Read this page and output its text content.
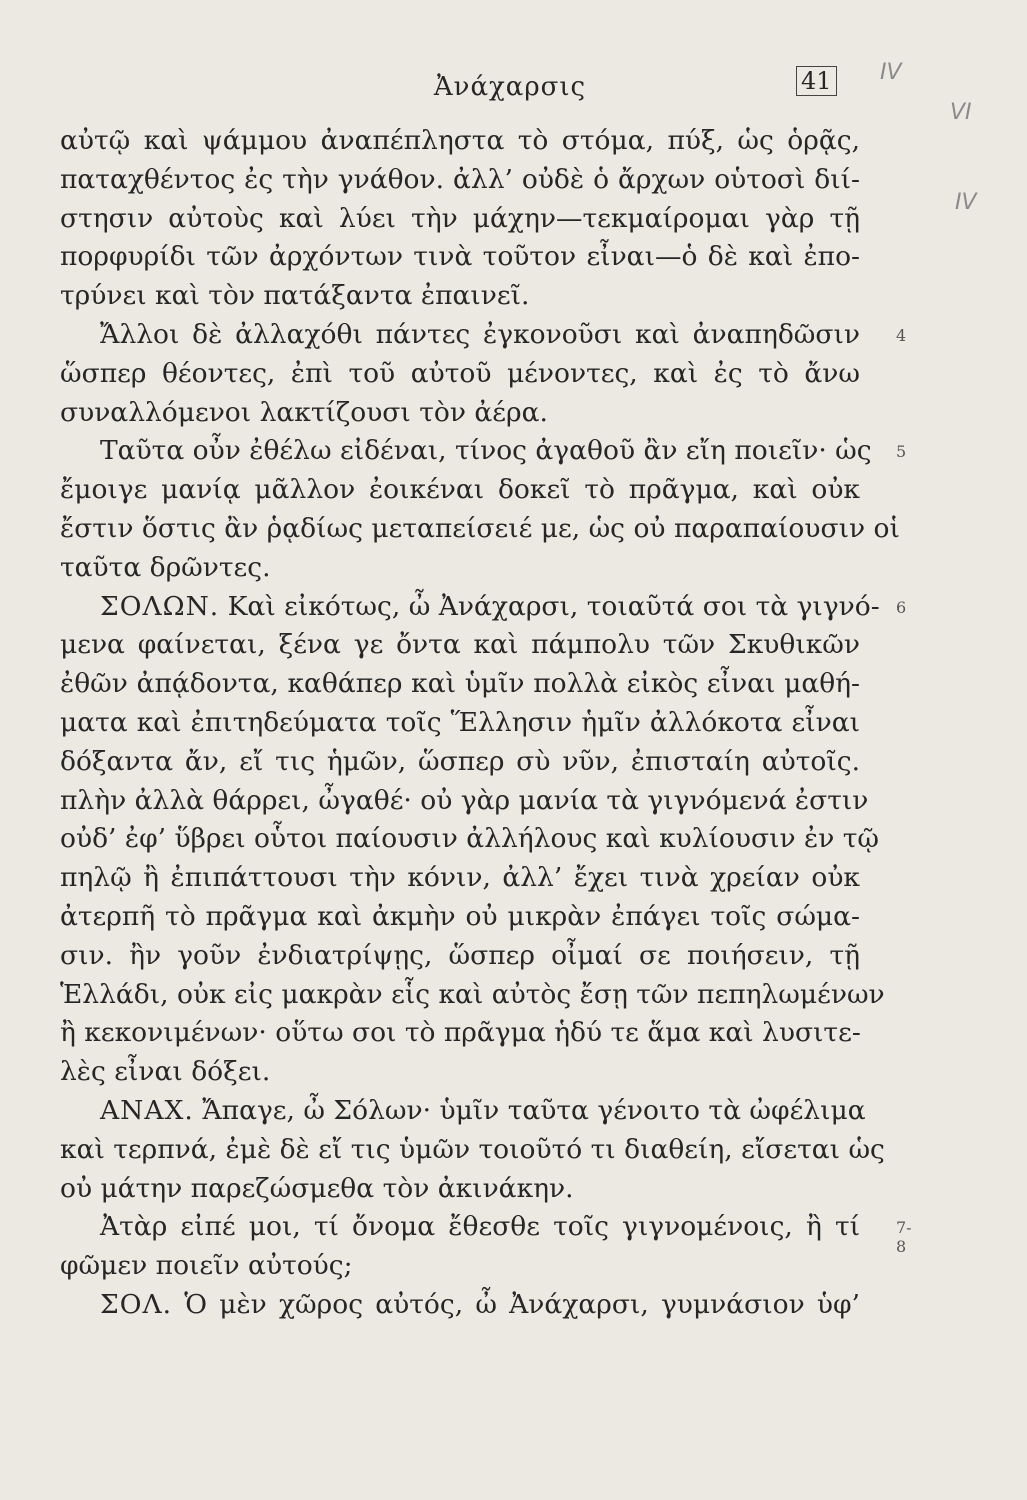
Ἀνάχαρσις	41 IV
VI
IV
αὐτῷ καὶ ψάμμου ἀναπέπληστα τὸ στόμα, πύξ, ὡς ὁρᾷς,
παταχθέντος ἐς τὴν γνάθον. ἀλλ’ οὐδὲ ὁ ἄρχων οὑτοσὶ διί-
στησιν αὐτοὺς καὶ λύει τὴν μάχην—τεκμαίρομαι γὰρ τῇ
πορφυρίδι τῶν ἀρχόντων τινὰ τοῦτον εἶναι—ὁ δὲ καὶ ἐπο-
τρύνει καὶ τὸν πατάξαντα ἐπαινεῖ.
Ἄλλοι δὲ ἀλλαχόθι πάντες ἐγκονοῦσι καὶ ἀναπηδῶσιν 4
ὥσπερ θέοντες, ἐπὶ τοῦ αὐτοῦ μένοντες, καὶ ἐς τὸ ἄνω
συναλλόμενοι λακτίζουσι τὸν ἀέρα.
Ταῦτα οὖν ἐθέλω εἰδέναι, τίνος ἀγαθοῦ ἂν εἴη ποιεῖν· ὡς 5
ἔμοιγε μανίᾳ μᾶλλον ἐοικέναι δοκεῖ τὸ πρᾶγμα, καὶ οὐκ
ἔστιν ὅστις ἂν ῥᾳδίως μεταπείσειέ με, ὡς οὐ παραπαίουσιν οἱ
ταῦτα δρῶντες.
ΣΟΛΩΝ. Καὶ εἰκότως, ὦ Ἀνάχαρσι, τοιαῦτά σοι τὰ γιγνό- 6
μενα φαίνεται, ξένα γε ὄντα καὶ πάμπολυ τῶν Σκυθικῶν
ἐθῶν ἀπᾴδοντα, καθάπερ καὶ ὑμῖν πολλὰ εἰκὸς εἶναι μαθή-
ματα καὶ ἐπιτηδεύματα τοῖς Ἕλλησιν ἡμῖν ἀλλόκοτα εἶναι
δόξαντα ἄν, εἴ τις ἡμῶν, ὥσπερ σὺ νῦν, ἐπισταίη αὐτοῖς.
πλὴν ἀλλὰ θάρρει, ὦγαθέ· οὐ γὰρ μανία τὰ γιγνόμενά ἐστιν
οὐδ’ ἐφ’ ὕβρει οὗτοι παίουσιν ἀλλήλους καὶ κυλίουσιν ἐν τῷ
πηλῷ ἢ ἐπιπάττουσι τὴν κόνιν, ἀλλ’ ἔχει τινὰ χρείαν οὐκ
ἀτερπῆ τὸ πρᾶγμα καὶ ἀκμὴν οὐ μικρὰν ἐπάγει τοῖς σώμα-
σιν. ἢν γοῦν ἐνδιατρίψῃς, ὥσπερ οἶμαί σε ποιήσειν, τῇ
Ἑλλάδι, οὐκ εἰς μακρὰν εἷς καὶ αὐτὸς ἔσῃ τῶν πεπηλωμένων
ἢ κεκονιμένων· οὕτω σοι τὸ πρᾶγμα ἡδύ τε ἅμα καὶ λυσιτε-
λὲς εἶναι δόξει.
ΑΝΑΧ. Ἄπαγε, ὦ Σόλων· ὑμῖν ταῦτα γένοιτο τὰ ὠφέλιμα
καὶ τερπνά, ἐμὲ δὲ εἴ τις ὑμῶν τοιοῦτό τι διαθείη, εἴσεται ὡς
οὐ μάτην παρεζώσμεθα τὸν ἀκινάκην.
Ἀτὰρ εἰπέ μοι, τί ὄνομα ἔθεσθε τοῖς γιγνομένοις, ἢ τί 7-8
φῶμεν ποιεῖν αὐτούς;
ΣΟΛ. Ὁ μὲν χῶρος αὐτός, ὦ Ἀνάχαρσι, γυμνάσιον ὑφ’
